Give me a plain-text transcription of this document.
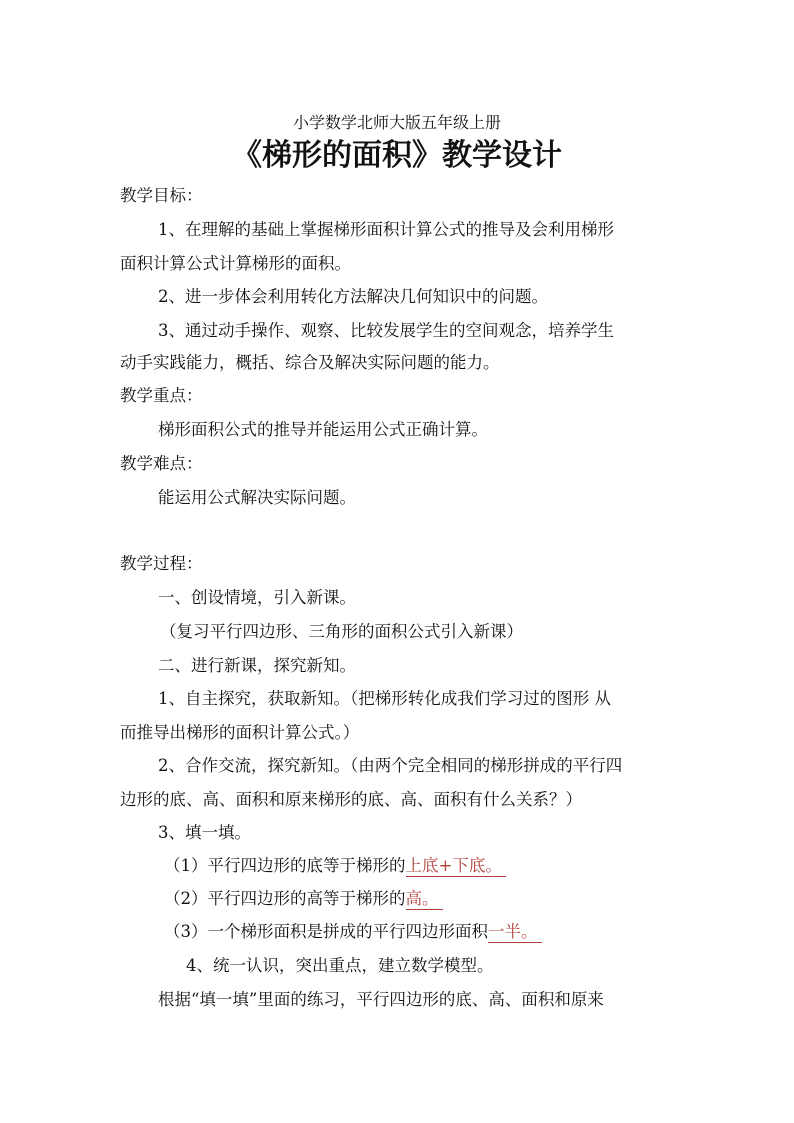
小学数学北师大版五年级上册
《梯形的面积》教学设计
教学目标：
1、在理解的基础上掌握梯形面积计算公式的推导及会利用梯形
面积计算公式计算梯形的面积。
2、进一步体会利用转化方法解决几何知识中的问题。
3、通过动手操作、观察、比较发展学生的空间观念，培养学生
动手实践能力，概括、综合及解决实际问题的能力。
教学重点：
梯形面积公式的推导并能运用公式正确计算。
教学难点：
能运用公式解决实际问题。
教学过程：
一、创设情境，引入新课。
（复习平行四边形、三角形的面积公式引入新课）
二、进行新课，探究新知。
1、自主探究，获取新知。（把梯形转化成我们学习过的图形 从
而推导出梯形的面积计算公式。）
2、合作交流，探究新知。（由两个完全相同的梯形拼成的平行四
边形的底、高、面积和原来梯形的底、高、面积有什么关系？）
3、填一填。
（1）平行四边形的底等于梯形的上底+下底。
（2）平行四边形的高等于梯形的高。
（3）一个梯形面积是拼成的平行四边形面积一半。
4、统一认识，突出重点，建立数学模型。
根据“填一填”里面的练习，平行四边形的底、高、面积和原来
